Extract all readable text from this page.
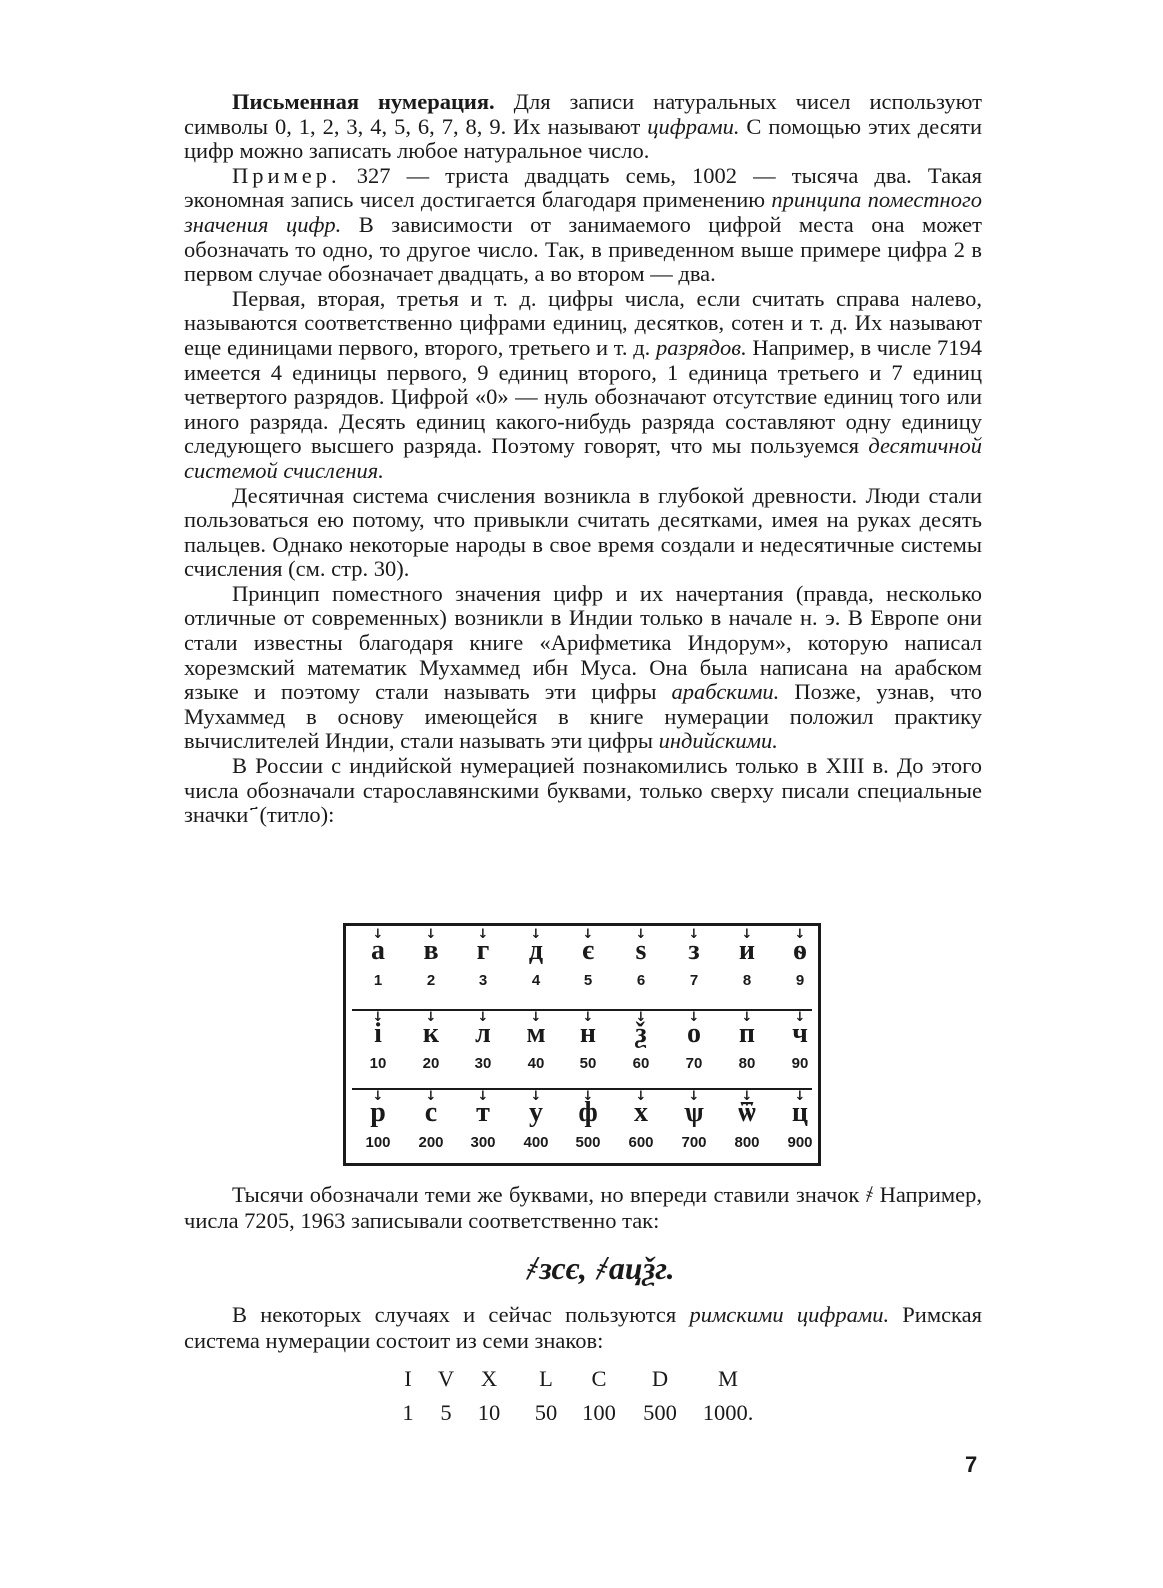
Письменная нумерация. Для записи натуральных чисел используют символы 0, 1, 2, 3, 4, 5, 6, 7, 8, 9. Их называют цифрами. С помощью этих десяти цифр можно записать любое натуральное число.

Пример. 327 — триста двадцать семь, 1002 — тысяча два. Такая экономная запись чисел достигается благодаря применению принципа поместного значения цифр. В зависимости от занимаемого цифрой места она может обозначать то одно, то другое число. Так, в приведенном выше примере цифра 2 в первом случае обозначает двадцать, а во втором — два.

Первая, вторая, третья и т. д. цифры числа, если считать справа налево, называются соответственно цифрами единиц, десятков, сотен и т. д. Их называют еще единицами первого, второго, третьего и т. д. разрядов. Например, в числе 7194 имеется 4 единицы первого, 9 единиц второго, 1 единица третьего и 7 единиц четвертого разрядов. Цифрой «0» — нуль обозначают отсутствие единиц того или иного разряда. Десять единиц какого-нибудь разряда составляют одну единицу следующего высшего разряда. Поэтому говорят, что мы пользуемся десятичной системой счисления.

Десятичная система счисления возникла в глубокой древности. Люди стали пользоваться ею потому, что привыкли считать десятками, имея на руках десять пальцев. Однако некоторые народы в свое время создали и недесятичные системы счисления (см. стр. 30).

Принцип поместного значения цифр и их начертания (правда, несколько отличные от современных) возникли в Индии только в начале н. э. В Европе они стали известны благодаря книге «Арифметика Индорум», которую написал хорезмский математик Мухаммед ибн Муса. Она была написана на арабском языке и поэтому стали называть эти цифры арабскими. Позже, узнав, что Мухаммед в основу имеющейся в книге нумерации положил практику вычислителей Индии, стали называть эти цифры индийскими.

В России с индийской нумерацией познакомились только в XIII в. До этого числа обозначали старославянскими буквами, только сверху писали специальные значки ҃ (титло):

↓ а
1
↓ в
2
↓ г
3
↓ д
4
↓ є
5
↓ ѕ
6
↓ з
7
↓ и
8
↓ ѳ
9
↓ і
10
↓ к
20
↓ л
30
↓ м
40
↓ н
50
↓ ѯ
60
↓ о
70
↓ п
80
↓ ч
90
↓ р
100
↓ с
200
↓ т
300
↓ у
400
↓ ф
500
↓ х
600
↓ ѱ
700
↓ ѿ
800
↓ ц
900

Тысячи обозначали теми же буквами, но впереди ставили значок ҂ Например, числа 7205, 1963 записывали соответственно так:

҂зсє, ҂ацѯг.

В некоторых случаях и сейчас пользуются римскими цифрами. Римская система нумерации состоит из семи знаков:

I V X L C D M
1 5 10 50 100 500 1000.
7
